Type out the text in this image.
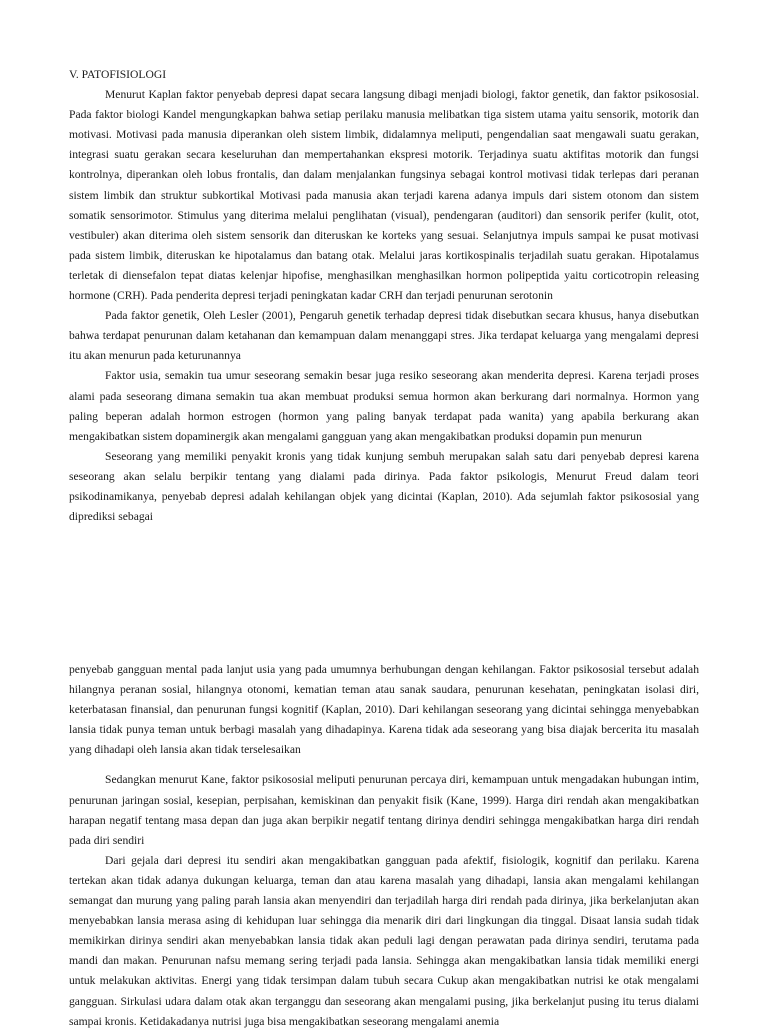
V. PATOFISIOLOGI

Menurut Kaplan faktor penyebab depresi dapat secara langsung dibagi menjadi biologi, faktor genetik, dan faktor psikososial. Pada faktor biologi Kandel mengungkapkan bahwa setiap perilaku manusia melibatkan tiga sistem utama yaitu sensorik, motorik dan motivasi. Motivasi pada manusia diperankan oleh sistem limbik, didalamnya meliputi, pengendalian saat mengawali suatu gerakan, integrasi suatu gerakan secara keseluruhan dan mempertahankan ekspresi motorik. Terjadinya suatu aktifitas motorik dan fungsi kontrolnya, diperankan oleh lobus frontalis, dan dalam menjalankan fungsinya sebagai kontrol motivasi tidak terlepas dari peranan sistem limbik dan struktur subkortikal Motivasi pada manusia akan terjadi karena adanya impuls dari sistem otonom dan sistem somatik sensorimotor. Stimulus yang diterima melalui penglihatan (visual), pendengaran (auditori) dan sensorik perifer (kulit, otot, vestibuler) akan diterima oleh sistem sensorik dan diteruskan ke korteks yang sesuai. Selanjutnya impuls sampai ke pusat motivasi pada sistem limbik, diteruskan ke hipotalamus dan batang otak. Melalui jaras kortikospinalis terjadilah suatu gerakan. Hipotalamus terletak di diensefalon tepat diatas kelenjar hipofise, menghasilkan menghasilkan hormon polipeptida yaitu corticotropin releasing hormone (CRH). Pada penderita depresi terjadi peningkatan kadar CRH dan terjadi penurunan serotonin

Pada faktor genetik, Oleh Lesler (2001), Pengaruh genetik terhadap depresi tidak disebutkan secara khusus, hanya disebutkan bahwa terdapat penurunan dalam ketahanan dan kemampuan dalam menanggapi stres. Jika terdapat keluarga yang mengalami depresi itu akan menurun pada keturunannya

Faktor usia, semakin tua umur seseorang semakin besar juga resiko seseorang akan menderita depresi. Karena terjadi proses alami pada seseorang dimana semakin tua akan membuat produksi semua hormon akan berkurang dari normalnya. Hormon yang paling beperan adalah hormon estrogen (hormon yang paling banyak terdapat pada wanita) yang apabila berkurang akan mengakibatkan sistem dopaminergik akan mengalami gangguan yang akan mengakibatkan produksi dopamin pun menurun

Seseorang yang memiliki penyakit kronis yang tidak kunjung sembuh merupakan salah satu dari penyebab depresi karena seseorang akan selalu berpikir tentang yang dialami pada dirinya. Pada faktor psikologis, Menurut Freud dalam teori psikodinamikanya, penyebab depresi adalah kehilangan objek yang dicintai (Kaplan, 2010). Ada sejumlah faktor psikososial yang diprediksi sebagai

penyebab gangguan mental pada lanjut usia yang pada umumnya berhubungan dengan kehilangan. Faktor psikososial tersebut adalah hilangnya peranan sosial, hilangnya otonomi, kematian teman atau sanak saudara, penurunan kesehatan, peningkatan isolasi diri, keterbatasan finansial, dan penurunan fungsi kognitif (Kaplan, 2010). Dari kehilangan seseorang yang dicintai sehingga menyebabkan lansia tidak punya teman untuk berbagi masalah yang dihadapinya. Karena tidak ada seseorang yang bisa diajak bercerita itu masalah yang dihadapi oleh lansia akan tidak terselesaikan

Sedangkan menurut Kane, faktor psikososial meliputi penurunan percaya diri, kemampuan untuk mengadakan hubungan intim, penurunan jaringan sosial, kesepian, perpisahan, kemiskinan dan penyakit fisik (Kane, 1999). Harga diri rendah akan mengakibatkan harapan negatif tentang masa depan dan juga akan berpikir negatif tentang dirinya dendiri sehingga mengakibatkan harga diri rendah pada diri sendiri

Dari gejala dari depresi itu sendiri akan mengakibatkan gangguan pada afektif, fisiologik, kognitif dan perilaku. Karena tertekan akan tidak adanya dukungan keluarga, teman dan atau karena masalah yang dihadapi, lansia akan mengalami kehilangan semangat dan murung yang paling parah lansia akan menyendiri dan terjadilah harga diri rendah pada dirinya, jika berkelanjutan akan menyebabkan lansia merasa asing di kehidupan luar sehingga dia menarik diri dari lingkungan dia tinggal. Disaat lansia sudah tidak memikirkan dirinya sendiri akan menyebabkan lansia tidak akan peduli lagi dengan perawatan pada dirinya sendiri, terutama pada mandi dan makan. Penurunan nafsu memang sering terjadi pada lansia. Sehingga akan mengakibatkan lansia tidak memiliki energi untuk melakukan aktivitas. Energi yang tidak tersimpan dalam tubuh secara Cukup akan mengakibatkan nutrisi ke otak mengalami gangguan. Sirkulasi udara dalam otak akan terganggu dan seseorang akan mengalami pusing, jika berkelanjut pusing itu terus dialami sampai kronis. Ketidakadanya nutrisi juga bisa mengakibatkan seseorang mengalami anemia
